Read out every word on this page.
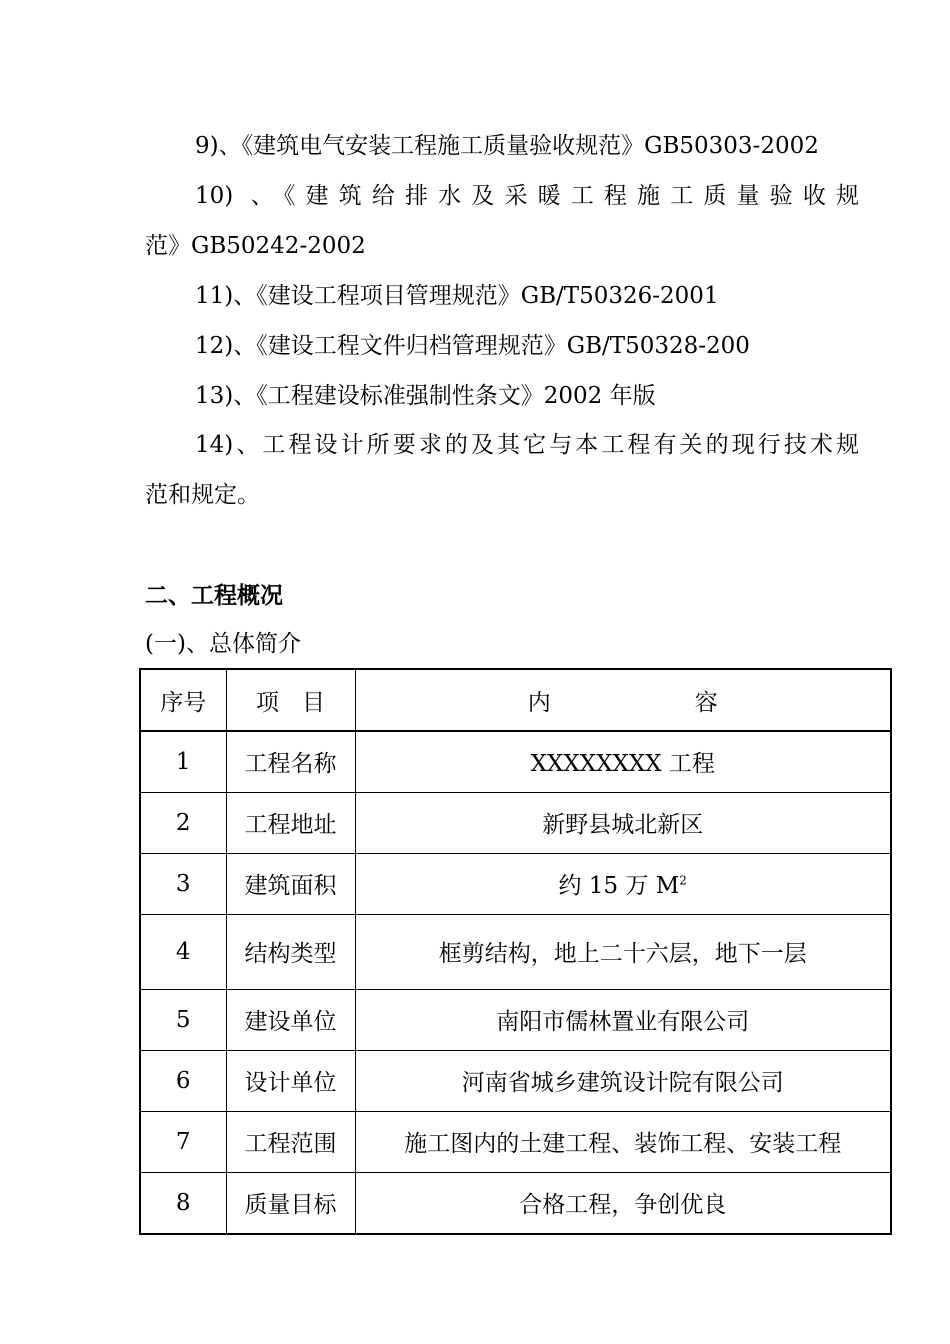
9)、《建筑电气安装工程施工质量验收规范》GB50303-2002
10) 、《建筑给排水及采暖工程施工质量验收规
范》GB50242-2002
11)、《建设工程项目管理规范》GB/T50326-2001
12)、《建设工程文件归档管理规范》GB/T50328-200
13)、《工程建设标准强制性条文》2002 年版
14)、工程设计所要求的及其它与本工程有关的现行技术规
范和规定。
二、工程概况
(一)、总体简介
序号	项　目	内容
1	工程名称	XXXXXXXX 工程
2	工程地址	新野县城北新区
3	建筑面积	约 15 万 $M^2$
4	结构类型	框剪结构，地上二十六层，地下一层
5	建设单位	南阳市儒林置业有限公司
6	设计单位	河南省城乡建筑设计院有限公司
7	工程范围	施工图内的土建工程、装饰工程、安装工程
8	质量目标	合格工程，争创优良
